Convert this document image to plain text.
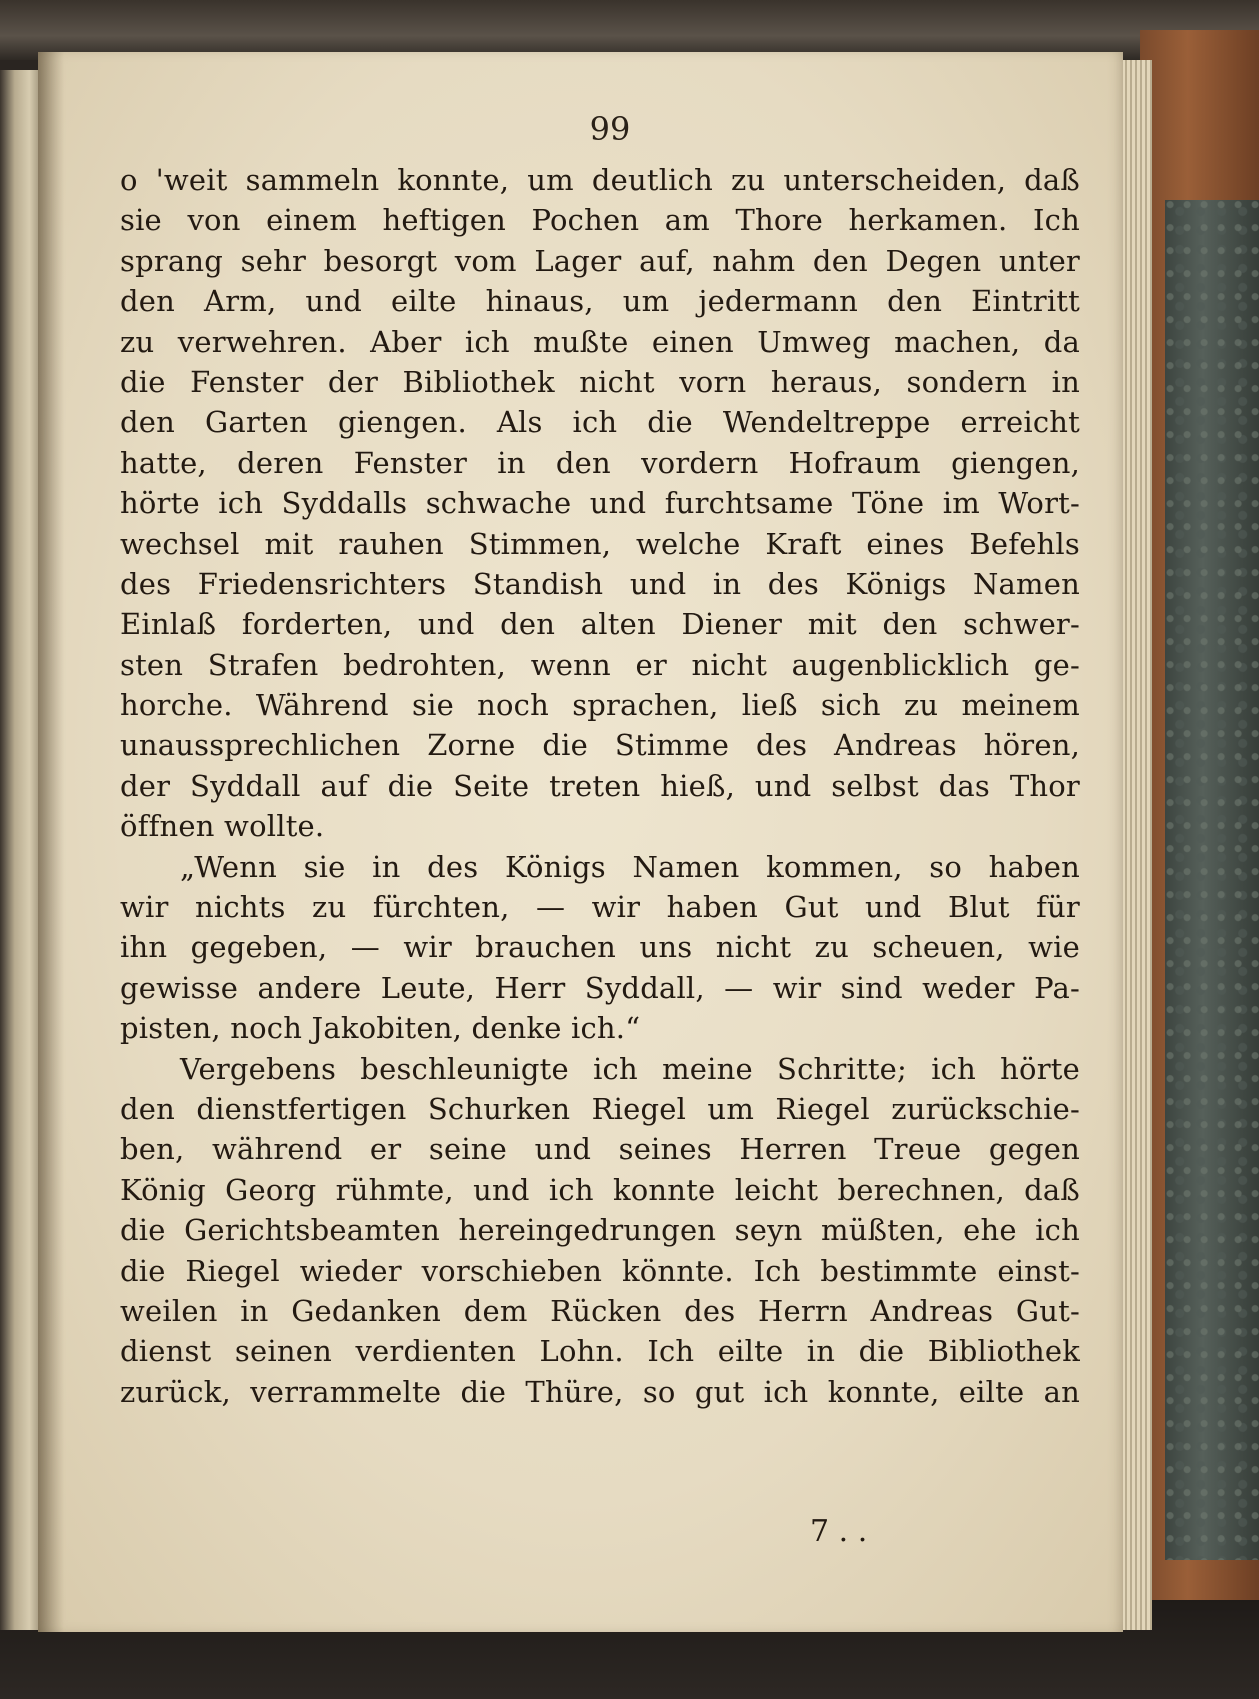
99
o 'weit sammeln konnte, um deutlich zu unterscheiden, daß
sie von einem heftigen Pochen am Thore herkamen. Ich
sprang sehr besorgt vom Lager auf, nahm den Degen unter
den Arm, und eilte hinaus, um jedermann den Eintritt
zu verwehren. Aber ich mußte einen Umweg machen, da
die Fenster der Bibliothek nicht vorn heraus, sondern in
den Garten giengen. Als ich die Wendeltreppe erreicht
hatte, deren Fenster in den vordern Hofraum giengen,
hörte ich Syddalls schwache und furchtsame Töne im Wort-
wechsel mit rauhen Stimmen, welche Kraft eines Befehls
des Friedensrichters Standish und in des Königs Namen
Einlaß forderten, und den alten Diener mit den schwer-
sten Strafen bedrohten, wenn er nicht augenblicklich ge-
horche. Während sie noch sprachen, ließ sich zu meinem
unaussprechlichen Zorne die Stimme des Andreas hören,
der Syddall auf die Seite treten hieß, und selbst das Thor
öffnen wollte.
„Wenn sie in des Königs Namen kommen, so haben
wir nichts zu fürchten, — wir haben Gut und Blut für
ihn gegeben, — wir brauchen uns nicht zu scheuen, wie
gewisse andere Leute, Herr Syddall, — wir sind weder Pa-
pisten, noch Jakobiten, denke ich.“
Vergebens beschleunigte ich meine Schritte; ich hörte
den dienstfertigen Schurken Riegel um Riegel zurückschie-
ben, während er seine und seines Herren Treue gegen
König Georg rühmte, und ich konnte leicht berechnen, daß
die Gerichtsbeamten hereingedrungen seyn müßten, ehe ich
die Riegel wieder vorschieben könnte. Ich bestimmte einst-
weilen in Gedanken dem Rücken des Herrn Andreas Gut-
dienst seinen verdienten Lohn. Ich eilte in die Bibliothek
zurück, verrammelte die Thüre, so gut ich konnte, eilte an
7 . .
